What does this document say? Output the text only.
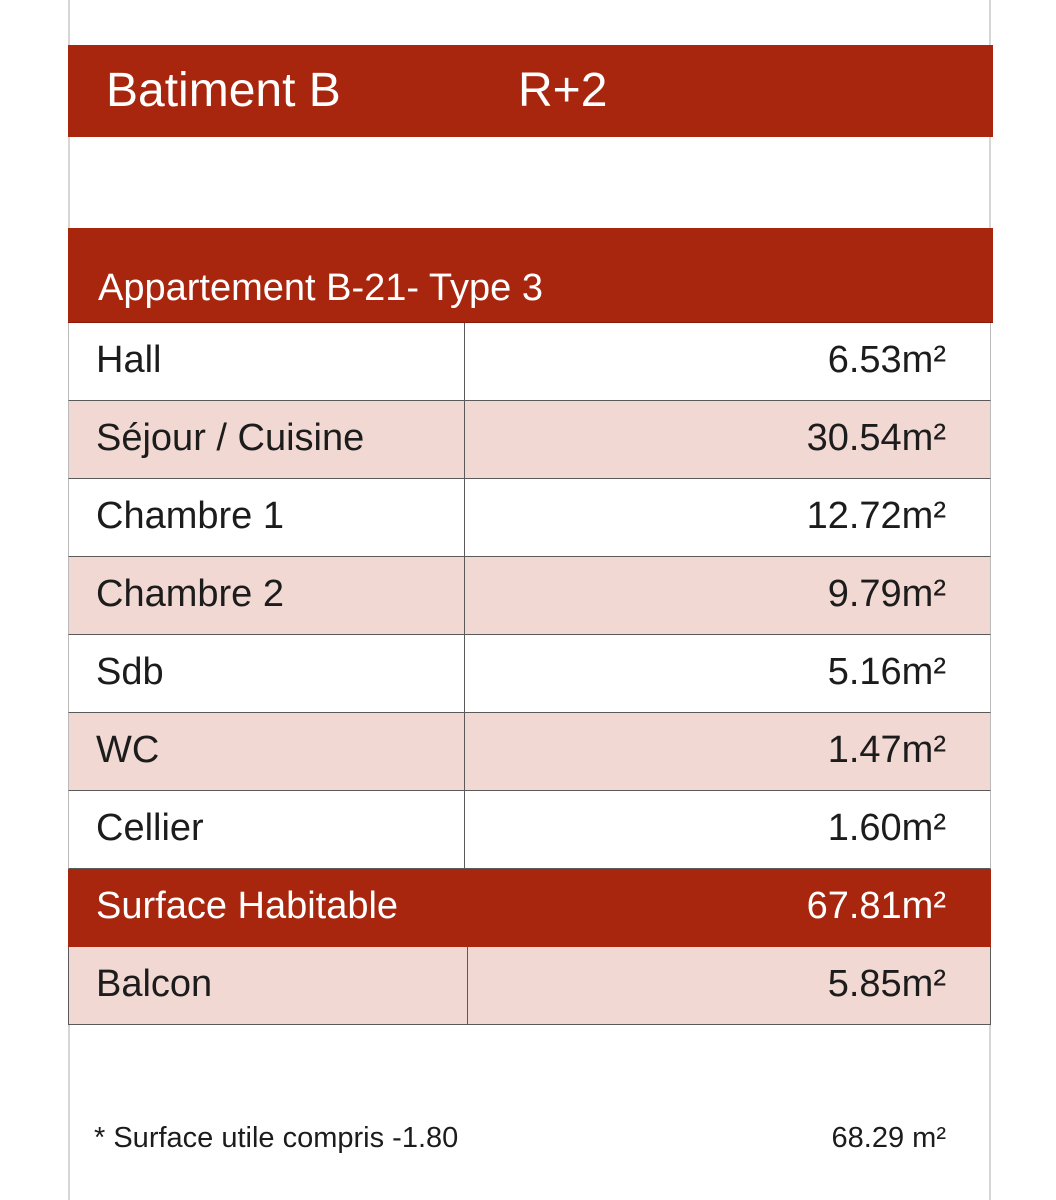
Batiment B	R+2
Appartement B-21- Type 3
Hall	6.53m²
Séjour / Cuisine	30.54m²
Chambre 1	12.72m²
Chambre 2	9.79m²
Sdb	5.16m²
WC	1.47m²
Cellier	1.60m²
Surface Habitable	67.81m²
Balcon	5.85m²
* Surface utile compris -1.80	68.29 m²
